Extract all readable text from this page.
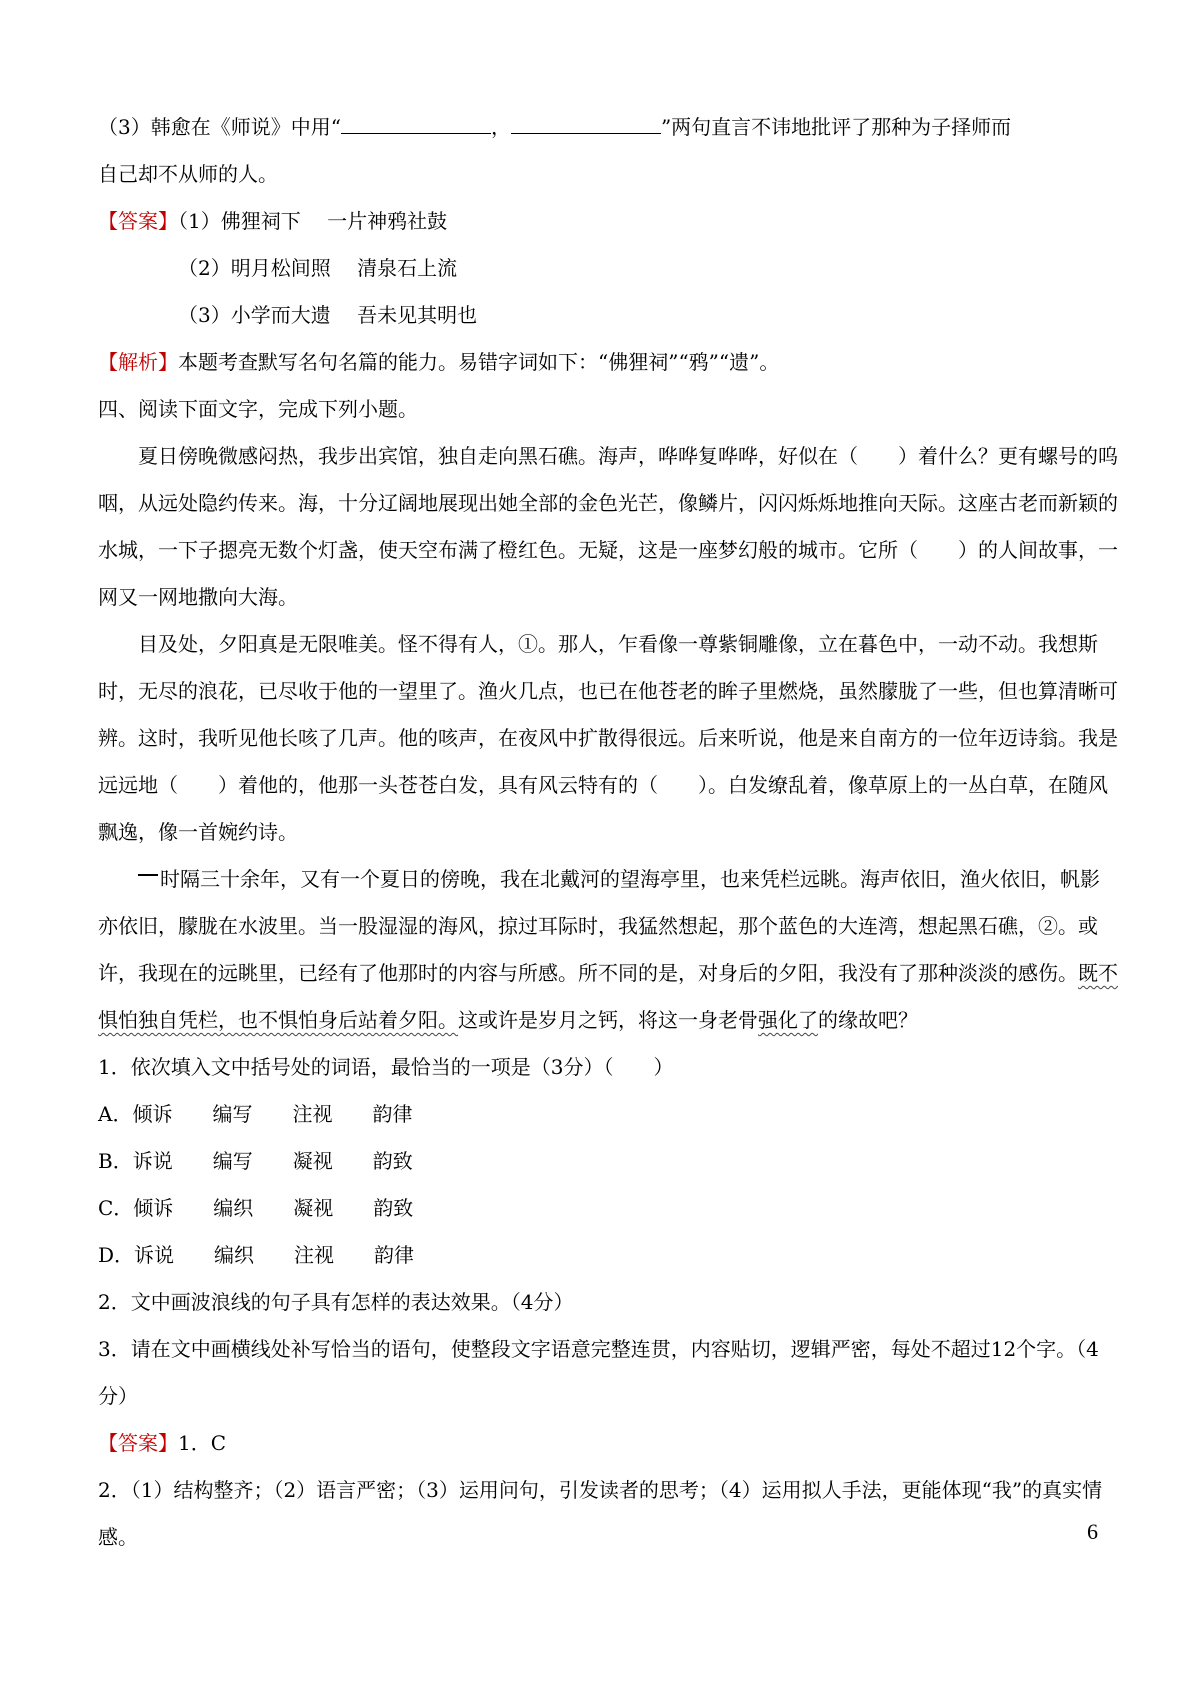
（3）韩愈在《师说》中用“	，	”两句直言不讳地批评了那种为子择师而
自己却不从师的人。

【答案】（1）佛狸祠下　 一片神鸦社鼓
（2）明月松间照　 清泉石上流
（3）小学而大遗　 吾未见其明也
【解析】本题考查默写名句名篇的能力。易错字词如下：“佛狸祠”“鸦”“遗”。
四、阅读下面文字，完成下列小题。

夏日傍晚微感闷热，我步出宾馆，独自走向黑石礁。海声，哗哗复哗哗，好似在（　　）着什么？更有螺号的呜咽，从远处隐约传来。海，十分辽阔地展现出她全部的金色光芒，像鳞片，闪闪烁烁地推向天际。这座古老而新颖的水城，一下子摁亮无数个灯盏，使天空布满了橙红色。无疑，这是一座梦幻般的城市。它所（　　）的人间故事，一网又一网地撒向大海。

目及处，夕阳真是无限唯美。怪不得有人，①。那人，乍看像一尊紫铜雕像，立在暮色中，一动不动。我想斯时，无尽的浪花，已尽收于他的一望里了。渔火几点，也已在他苍老的眸子里燃烧，虽然朦胧了一些，但也算清晰可辨。这时，我听见他长咳了几声。他的咳声，在夜风中扩散得很远。后来听说，他是来自南方的一位年迈诗翁。我是远远地（　　）着他的，他那一头苍苍白发，具有风云特有的（　　）。白发缭乱着，像草原上的一丛白草，在随风飘逸，像一首婉约诗。

时隔三十余年，又有一个夏日的傍晚，我在北戴河的望海亭里，也来凭栏远眺。海声依旧，渔火依旧，帆影亦依旧，朦胧在水波里。当一股湿湿的海风，掠过耳际时，我猛然想起，那个蓝色的大连湾，想起黑石礁，②。或许，我现在的远眺里，已经有了他那时的内容与所感。所不同的是，对身后的夕阳，我没有了那种淡淡的感伤。既不惧怕独自凭栏，也不惧怕身后站着夕阳。这或许是岁月之钙，将这一身老骨强化了的缘故吧？

1．依次填入文中括号处的词语，最恰当的一项是（3分）（　　）
A．倾诉　　编写　　注视　　韵律
B．诉说　　编写　　凝视　　韵致
C．倾诉　　编织　　凝视　　韵致
D．诉说　　编织　　注视　　韵律
2．文中画波浪线的句子具有怎样的表达效果。（4分）

3．请在文中画横线处补写恰当的语句，使整段文字语意完整连贯，内容贴切，逻辑严密，每处不超过12个字。（4分）

【答案】1．C

2．（1）结构整齐；（2）语言严密；（3）运用问句，引发读者的思考；（4）运用拟人手法，更能体现“我”的真实情感。	6
